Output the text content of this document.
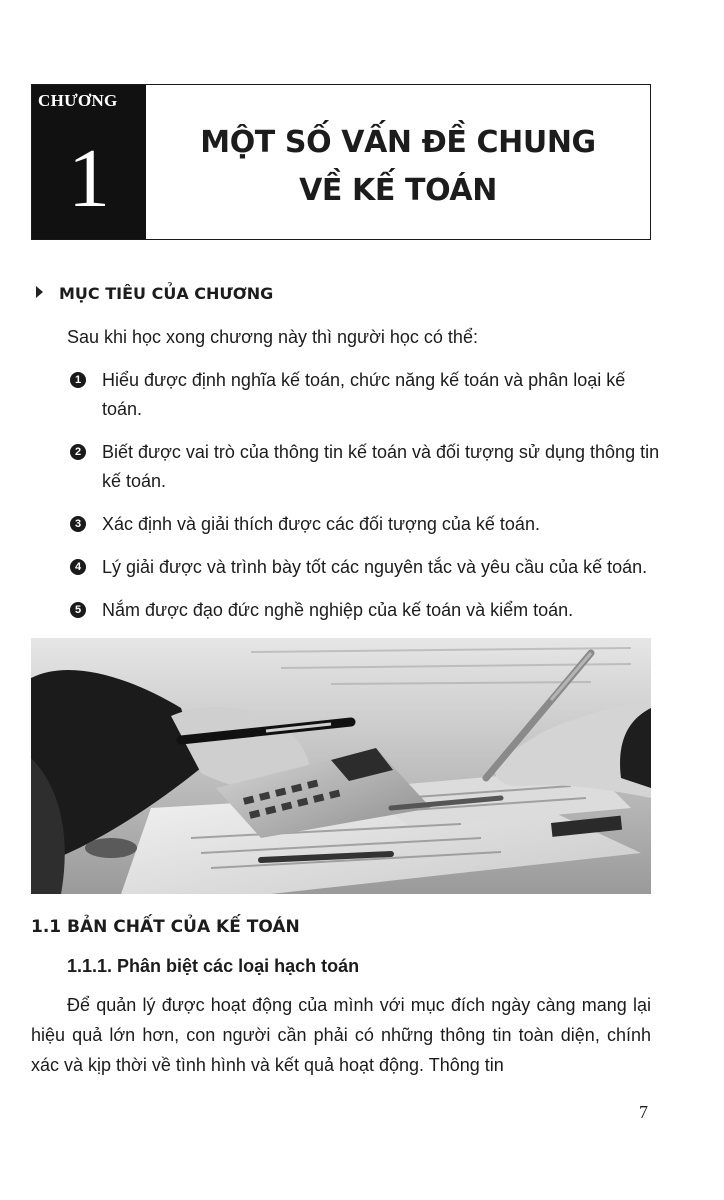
CHƯƠNG
1	MỘT SỐ VẤN ĐỀ CHUNG
VỀ KẾ TOÁN
MỤC TIÊU CỦA CHƯƠNG
Sau khi học xong chương này thì người học có thể:
1 Hiểu được định nghĩa kế toán, chức năng kế toán và phân loại kế toán.
2 Biết được vai trò của thông tin kế toán và đối tượng sử dụng thông tin kế toán.
3 Xác định và giải thích được các đối tượng của kế toán.
4 Lý giải được và trình bày tốt các nguyên tắc và yêu cầu của kế toán.
5 Nắm được đạo đức nghề nghiệp của kế toán và kiểm toán.
1.1 BẢN CHẤT CỦA KẾ TOÁN
1.1.1. Phân biệt các loại hạch toán

Để quản lý được hoạt động của mình với mục đích ngày càng mang lại hiệu quả lớn hơn, con người cần phải có những thông tin toàn diện, chính xác và kịp thời về tình hình và kết quả hoạt động. Thông tin

7
